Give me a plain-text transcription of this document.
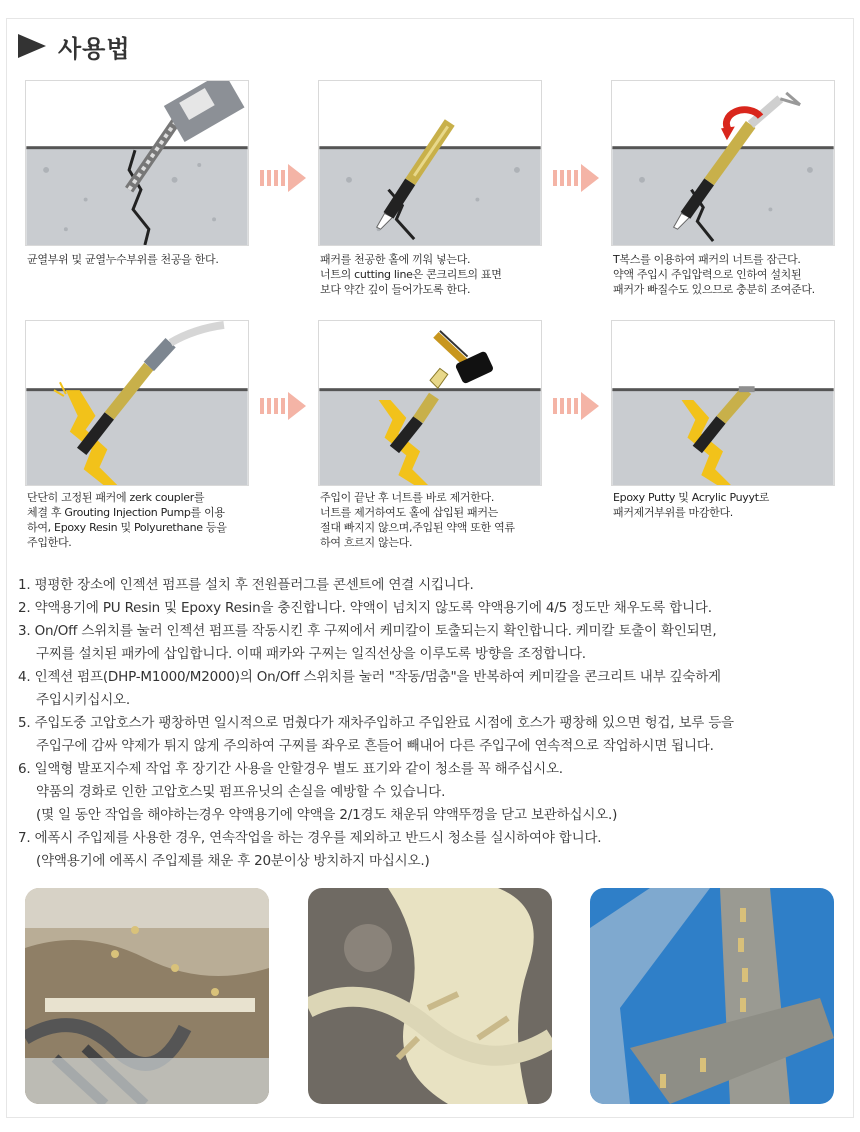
사용법
균열부위 및 균열누수부위를 천공을 한다.	패커를 천공한 홀에 끼워 넣는다.
너트의 cutting line은 콘크리트의 표면
보다 약간 깊이 들어가도록 한다.
T복스를 이용하여 패커의 너트를 잠근다.
약액 주입시 주입압력으로 인하여 설치된
패커가 빠질수도 있으므로 충분히 조여준다.
단단히 고정된 패커에 zerk coupler를
체결 후 Grouting Injection Pump를 이용
하여, Epoxy Resin 및 Polyurethane 등을
주입한다.
주입이 끝난 후 너트를 바로 제거한다.
너트를 제거하여도 홀에 삽입된 패커는
절대 빠지지 않으며,주입된 약액 또한 역류
하여 흐르지 않는다.
Epoxy Putty 및 Acrylic Puyyt로
패커제거부위를 마감한다.
1. 평평한 장소에 인젝션 펌프를 설치 후 전원플러그를 콘센트에 연결 시킵니다.
2. 약액용기에 PU Resin 및 Epoxy Resin을 충진합니다. 약액이 넘치지 않도록 약액용기에 4/5 정도만 채우도록 합니다.
3. On/Off 스위치를 눌러 인젝션 펌프를 작동시킨 후 구찌에서 케미칼이 토출되는지 확인합니다. 케미칼 토출이 확인되면,
구찌를 설치된 패카에 삽입합니다. 이때 패카와 구찌는 일직선상을 이루도록 방향을 조정합니다.
4. 인젝션 펌프(DHP-M1000/M2000)의 On/Off 스위치를 눌러 "작동/멈춤"을 반복하여 케미칼을 콘크리트 내부 깊숙하게
주입시키십시오.
5. 주입도중 고압호스가 팽창하면 일시적으로 멈췄다가 재차주입하고 주입완료 시점에 호스가 팽창해 있으면 헝겁, 보루 등을
주입구에 감싸 약제가 튀지 않게 주의하여 구찌를 좌우로 흔들어 빼내어 다른 주입구에 연속적으로 작업하시면 됩니다.
6. 일액형 발포지수제 작업 후 장기간 사용을 안할경우 별도 표기와 같이 청소를 꼭 해주십시오.
약품의 경화로 인한 고압호스및 펌프유닛의 손실을 예방할 수 있습니다.
(몇 일 동안 작업을 해야하는경우 약액용기에 약액을 2/1경도 채운뒤 약액뚜껑을 닫고 보관하십시오.)
7. 에폭시 주입제를 사용한 경우, 연속작업을 하는 경우를 제외하고 반드시 청소를 실시하여야 합니다.
(약액용기에 에폭시 주입제를 채운 후 20분이상 방치하지 마십시오.)
